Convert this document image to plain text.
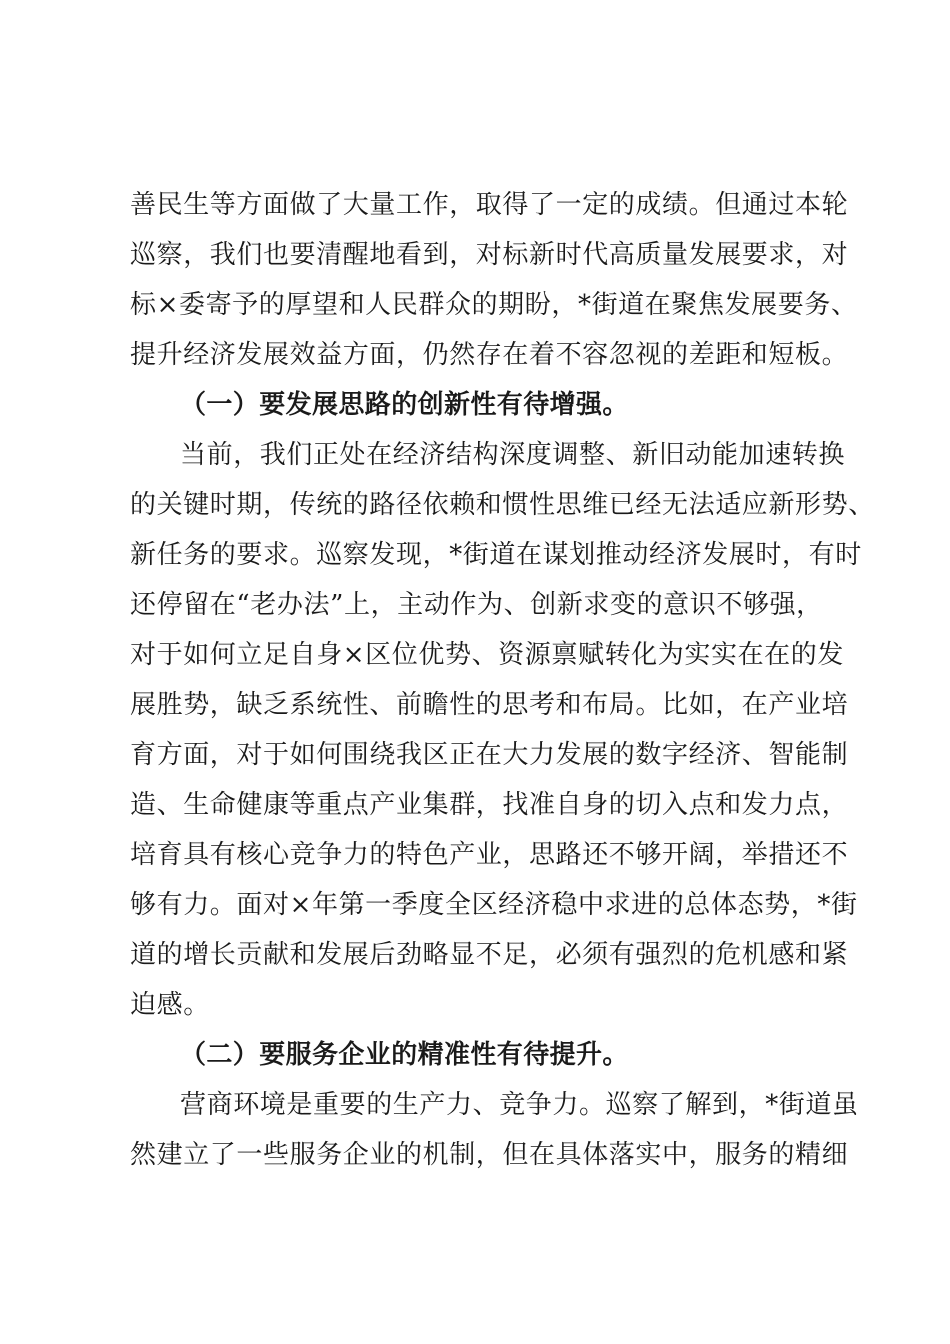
善民生等方面做了大量工作，取得了一定的成绩。但通过本轮
巡察，我们也要清醒地看到，对标新时代高质量发展要求，对
标×委寄予的厚望和人民群众的期盼，*街道在聚焦发展要务、
提升经济发展效益方面，仍然存在着不容忽视的差距和短板。
（一）要发展思路的创新性有待增强。
当前，我们正处在经济结构深度调整、新旧动能加速转换
的关键时期，传统的路径依赖和惯性思维已经无法适应新形势、
新任务的要求。巡察发现，*街道在谋划推动经济发展时，有时
还停留在“老办法”上，主动作为、创新求变的意识不够强，
对于如何立足自身×区位优势、资源禀赋转化为实实在在的发
展胜势，缺乏系统性、前瞻性的思考和布局。比如，在产业培
育方面，对于如何围绕我区正在大力发展的数字经济、智能制
造、生命健康等重点产业集群，找准自身的切入点和发力点，
培育具有核心竞争力的特色产业，思路还不够开阔，举措还不
够有力。面对×年第一季度全区经济稳中求进的总体态势，*街
道的增长贡献和发展后劲略显不足，必须有强烈的危机感和紧
迫感。
（二）要服务企业的精准性有待提升。
营商环境是重要的生产力、竞争力。巡察了解到，*街道虽
然建立了一些服务企业的机制，但在具体落实中，服务的精细
